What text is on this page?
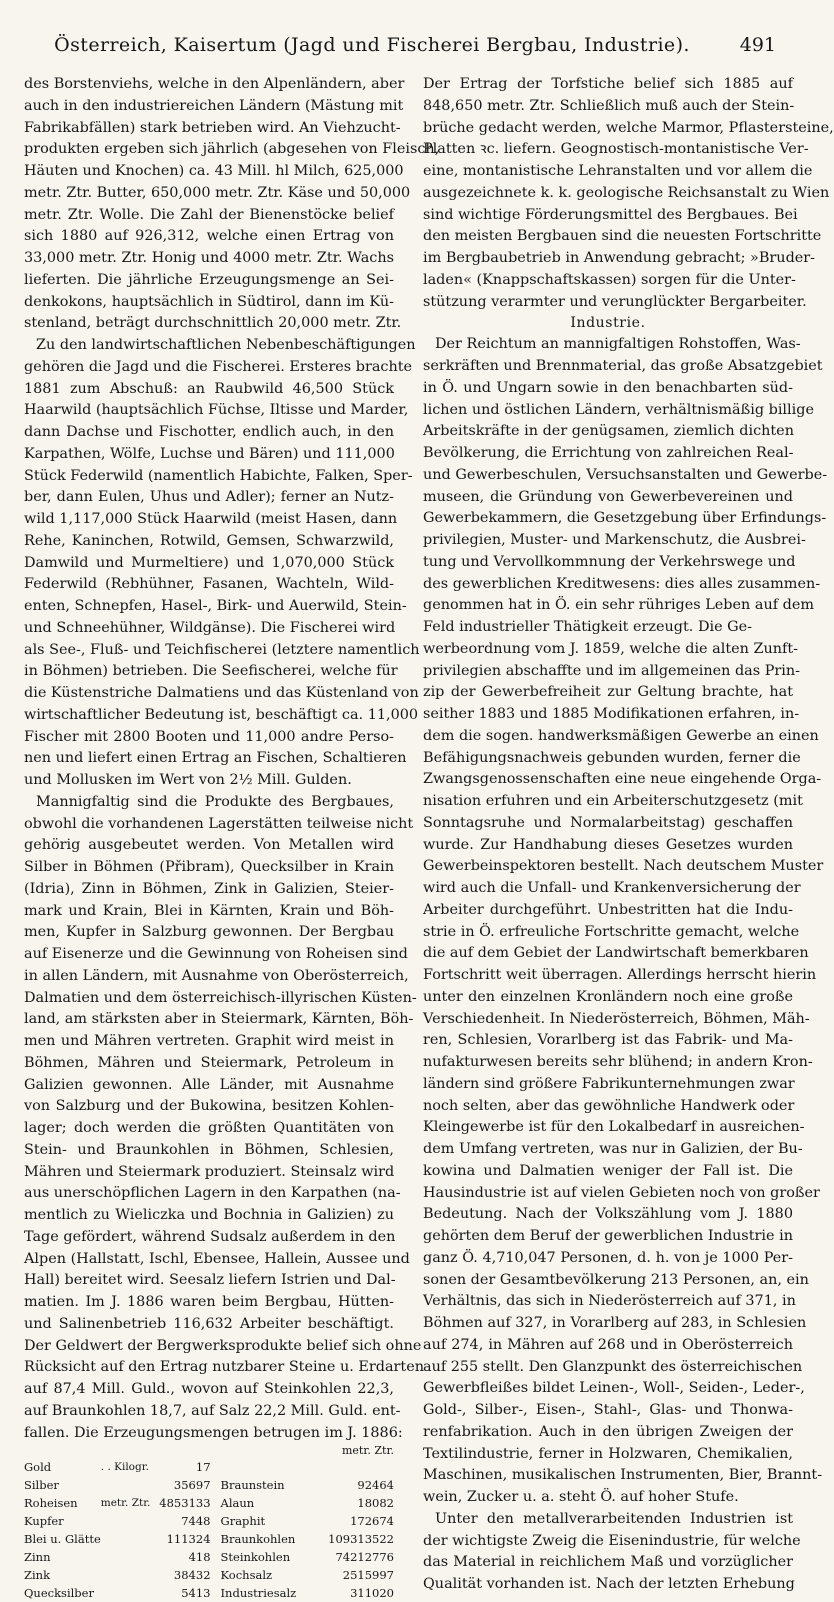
Österreich, Kaisertum (Jagd und Fischerei Bergbau, Industrie).	491
des Borstenviehs, welche in den Alpenländern, aber
auch in den industriereichen Ländern (Mästung mit
Fabrikabfällen) stark betrieben wird. An Viehzucht-
produkten ergeben sich jährlich (abgesehen von Fleisch,
Häuten und Knochen) ca. 43 Mill. hl Milch, 625,000
metr. Ztr. Butter, 650,000 metr. Ztr. Käse und 50,000
metr. Ztr. Wolle. Die Zahl der Bienenstöcke belief
sich 1880 auf 926,312, welche einen Ertrag von
33,000 metr. Ztr. Honig und 4000 metr. Ztr. Wachs
lieferten. Die jährliche Erzeugungsmenge an Sei-
denkokons, hauptsächlich in Südtirol, dann im Kü-
stenland, beträgt durchschnittlich 20,000 metr. Ztr.
Zu den landwirtschaftlichen Nebenbeschäftigungen
gehören die Jagd und die Fischerei. Ersteres brachte
1881 zum Abschuß: an Raubwild 46,500 Stück
Haarwild (hauptsächlich Füchse, Iltisse und Marder,
dann Dachse und Fischotter, endlich auch, in den
Karpathen, Wölfe, Luchse und Bären) und 111,000
Stück Federwild (namentlich Habichte, Falken, Sper-
ber, dann Eulen, Uhus und Adler); ferner an Nutz-
wild 1,117,000 Stück Haarwild (meist Hasen, dann
Rehe, Kaninchen, Rotwild, Gemsen, Schwarzwild,
Damwild und Murmeltiere) und 1,070,000 Stück
Federwild (Rebhühner, Fasanen, Wachteln, Wild-
enten, Schnepfen, Hasel-, Birk- und Auerwild, Stein-
und Schneehühner, Wildgänse). Die Fischerei wird
als See-, Fluß- und Teichfischerei (letztere namentlich
in Böhmen) betrieben. Die Seefischerei, welche für
die Küstenstriche Dalmatiens und das Küstenland von
wirtschaftlicher Bedeutung ist, beschäftigt ca. 11,000
Fischer mit 2800 Booten und 11,000 andre Perso-
nen und liefert einen Ertrag an Fischen, Schaltieren
und Mollusken im Wert von 2½ Mill. Gulden.
Mannigfaltig sind die Produkte des Bergbaues,
obwohl die vorhandenen Lagerstätten teilweise nicht
gehörig ausgebeutet werden. Von Metallen wird
Silber in Böhmen (Přibram), Quecksilber in Krain
(Idria), Zinn in Böhmen, Zink in Galizien, Steier-
mark und Krain, Blei in Kärnten, Krain und Böh-
men, Kupfer in Salzburg gewonnen. Der Bergbau
auf Eisenerze und die Gewinnung von Roheisen sind
in allen Ländern, mit Ausnahme von Oberösterreich,
Dalmatien und dem österreichisch-illyrischen Küsten-
land, am stärksten aber in Steiermark, Kärnten, Böh-
men und Mähren vertreten. Graphit wird meist in
Böhmen, Mähren und Steiermark, Petroleum in
Galizien gewonnen. Alle Länder, mit Ausnahme
von Salzburg und der Bukowina, besitzen Kohlen-
lager; doch werden die größten Quantitäten von
Stein- und Braunkohlen in Böhmen, Schlesien,
Mähren und Steiermark produziert. Steinsalz wird
aus unerschöpflichen Lagern in den Karpathen (na-
mentlich zu Wieliczka und Bochnia in Galizien) zu
Tage gefördert, während Sudsalz außerdem in den
Alpen (Hallstatt, Ischl, Ebensee, Hallein, Aussee und
Hall) bereitet wird. Seesalz liefern Istrien und Dal-
matien. Im J. 1886 waren beim Bergbau, Hütten-
und Salinenbetrieb 116,632 Arbeiter beschäftigt.
Der Geldwert der Bergwerksprodukte belief sich ohne
Rücksicht auf den Ertrag nutzbarer Steine u. Erdarten
auf 87,4 Mill. Guld., wovon auf Steinkohlen 22,3,
auf Braunkohlen 18,7, auf Salz 22,2 Mill. Guld. ent-
fallen. Die Erzeugungsmengen betrugen im J. 1886:
metr. Ztr.
Gold	. . Kilogr.	17		
Silber		35697	Braunstein	92464
Roheisen	metr. Ztr.	4853133	Alaun	18082
Kupfer		7448	Graphit	172674
Blei u. Glätte		111324	Braunkohlen	109313522
Zinn		418	Steinkohlen	74212776
Zink		38432	Kochsalz	2515997
Quecksilber		5413	Industriesalz	311020
Der Ertrag der Torfstiche belief sich 1885 auf
848,650 metr. Ztr. Schließlich muß auch der Stein-
brüche gedacht werden, welche Marmor, Pflastersteine,
Platten ꝛc. liefern. Geognostisch-montanistische Ver-
eine, montanistische Lehranstalten und vor allem die
ausgezeichnete k. k. geologische Reichsanstalt zu Wien
sind wichtige Förderungsmittel des Bergbaues. Bei
den meisten Bergbauen sind die neuesten Fortschritte
im Bergbaubetrieb in Anwendung gebracht; »Bruder-
laden« (Knappschaftskassen) sorgen für die Unter-
stützung verarmter und verunglückter Bergarbeiter.
Industrie.
Der Reichtum an mannigfaltigen Rohstoffen, Was-
serkräften und Brennmaterial, das große Absatzgebiet
in Ö. und Ungarn sowie in den benachbarten süd-
lichen und östlichen Ländern, verhältnismäßig billige
Arbeitskräfte in der genügsamen, ziemlich dichten
Bevölkerung, die Errichtung von zahlreichen Real-
und Gewerbeschulen, Versuchsanstalten und Gewerbe-
museen, die Gründung von Gewerbevereinen und
Gewerbekammern, die Gesetzgebung über Erfindungs-
privilegien, Muster- und Markenschutz, die Ausbrei-
tung und Vervollkommnung der Verkehrswege und
des gewerblichen Kreditwesens: dies alles zusammen-
genommen hat in Ö. ein sehr rühriges Leben auf dem
Feld industrieller Thätigkeit erzeugt. Die Ge-
werbeordnung vom J. 1859, welche die alten Zunft-
privilegien abschaffte und im allgemeinen das Prin-
zip der Gewerbefreiheit zur Geltung brachte, hat
seither 1883 und 1885 Modifikationen erfahren, in-
dem die sogen. handwerksmäßigen Gewerbe an einen
Befähigungsnachweis gebunden wurden, ferner die
Zwangsgenossenschaften eine neue eingehende Orga-
nisation erfuhren und ein Arbeiterschutzgesetz (mit
Sonntagsruhe und Normalarbeitstag) geschaffen
wurde. Zur Handhabung dieses Gesetzes wurden
Gewerbeinspektoren bestellt. Nach deutschem Muster
wird auch die Unfall- und Krankenversicherung der
Arbeiter durchgeführt. Unbestritten hat die Indu-
strie in Ö. erfreuliche Fortschritte gemacht, welche
die auf dem Gebiet der Landwirtschaft bemerkbaren
Fortschritt weit überragen. Allerdings herrscht hierin
unter den einzelnen Kronländern noch eine große
Verschiedenheit. In Niederösterreich, Böhmen, Mäh-
ren, Schlesien, Vorarlberg ist das Fabrik- und Ma-
nufakturwesen bereits sehr blühend; in andern Kron-
ländern sind größere Fabrikunternehmungen zwar
noch selten, aber das gewöhnliche Handwerk oder
Kleingewerbe ist für den Lokalbedarf in ausreichen-
dem Umfang vertreten, was nur in Galizien, der Bu-
kowina und Dalmatien weniger der Fall ist. Die
Hausindustrie ist auf vielen Gebieten noch von großer
Bedeutung. Nach der Volkszählung vom J. 1880
gehörten dem Beruf der gewerblichen Industrie in
ganz Ö. 4,710,047 Personen, d. h. von je 1000 Per-
sonen der Gesamtbevölkerung 213 Personen, an, ein
Verhältnis, das sich in Niederösterreich auf 371, in
Böhmen auf 327, in Vorarlberg auf 283, in Schlesien
auf 274, in Mähren auf 268 und in Oberösterreich
auf 255 stellt. Den Glanzpunkt des österreichischen
Gewerbfleißes bildet Leinen-, Woll-, Seiden-, Leder-,
Gold-, Silber-, Eisen-, Stahl-, Glas- und Thonwa-
renfabrikation. Auch in den übrigen Zweigen der
Textilindustrie, ferner in Holzwaren, Chemikalien,
Maschinen, musikalischen Instrumenten, Bier, Brannt-
wein, Zucker u. a. steht Ö. auf hoher Stufe.
Unter den metallverarbeitenden Industrien ist
der wichtigste Zweig die Eisenindustrie, für welche
das Material in reichlichem Maß und vorzüglicher
Qualität vorhanden ist. Nach der letzten Erhebung
